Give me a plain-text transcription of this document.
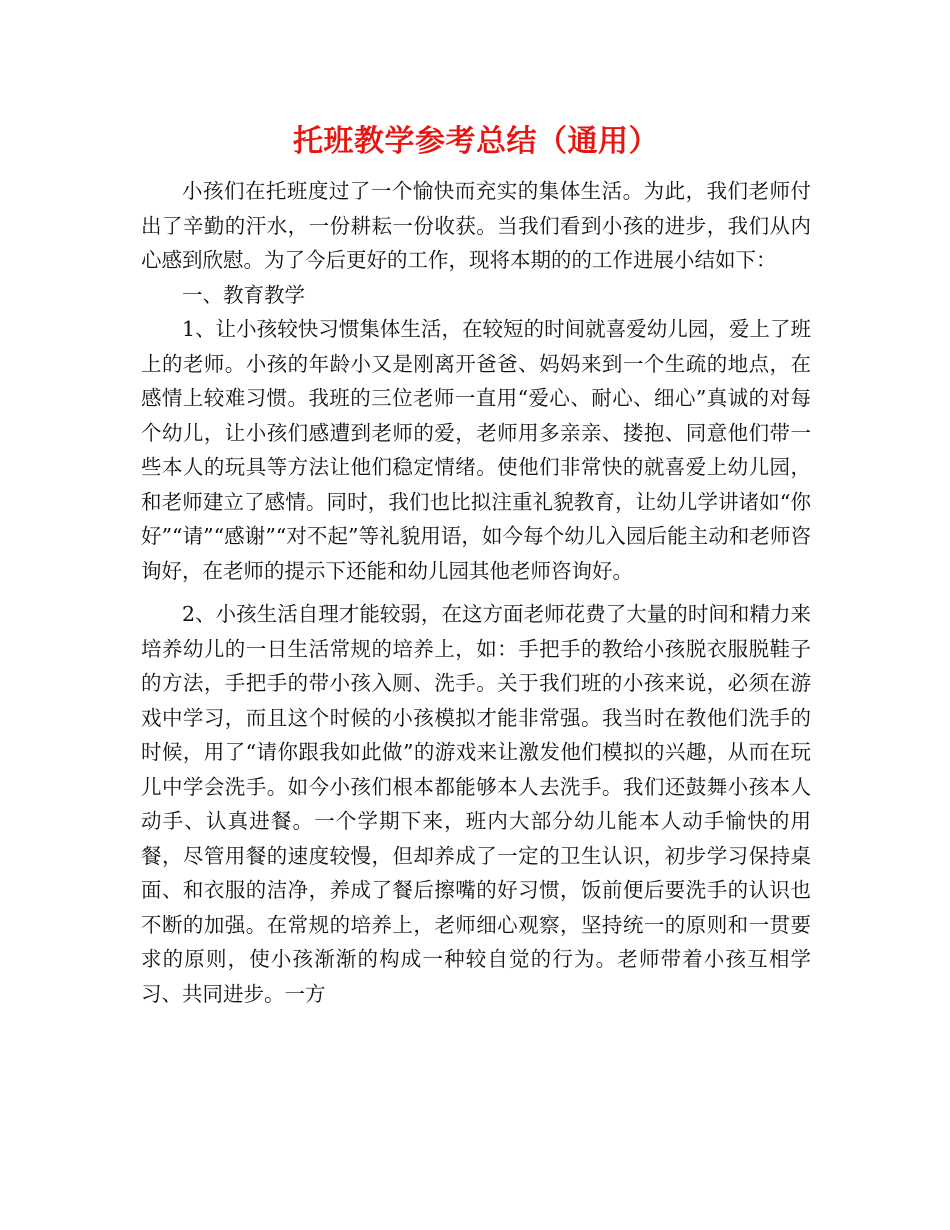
托班教学参考总结（通用）

小孩们在托班度过了一个愉快而充实的集体生活。为此，我们老师付出了辛勤的汗水，一份耕耘一份收获。当我们看到小孩的进步，我们从内心感到欣慰。为了今后更好的工作，现将本期的的工作进展小结如下：

一、教育教学

1、让小孩较快习惯集体生活，在较短的时间就喜爱幼儿园，爱上了班上的老师。小孩的年龄小又是刚离开爸爸、妈妈来到一个生疏的地点，在感情上较难习惯。我班的三位老师一直用“爱心、耐心、细心”真诚的对每个幼儿，让小孩们感遭到老师的爱，老师用多亲亲、搂抱、同意他们带一些本人的玩具等方法让他们稳定情绪。使他们非常快的就喜爱上幼儿园，和老师建立了感情。同时，我们也比拟注重礼貌教育，让幼儿学讲诸如“你好”“请”“感谢”“对不起”等礼貌用语，如今每个幼儿入园后能主动和老师咨询好，在老师的提示下还能和幼儿园其他老师咨询好。

2、小孩生活自理才能较弱，在这方面老师花费了大量的时间和精力来培养幼儿的一日生活常规的培养上，如：手把手的教给小孩脱衣服脱鞋子的方法，手把手的带小孩入厕、洗手。关于我们班的小孩来说，必须在游戏中学习，而且这个时候的小孩模拟才能非常强。我当时在教他们洗手的时候，用了“请你跟我如此做”的游戏来让激发他们模拟的兴趣，从而在玩儿中学会洗手。如今小孩们根本都能够本人去洗手。我们还鼓舞小孩本人动手、认真进餐。一个学期下来，班内大部分幼儿能本人动手愉快的用餐，尽管用餐的速度较慢，但却养成了一定的卫生认识，初步学习保持桌面、和衣服的洁净，养成了餐后擦嘴的好习惯，饭前便后要洗手的认识也不断的加强。在常规的培养上，老师细心观察，坚持统一的原则和一贯要求的原则，使小孩渐渐的构成一种较自觉的行为。老师带着小孩互相学习、共同进步。一方
